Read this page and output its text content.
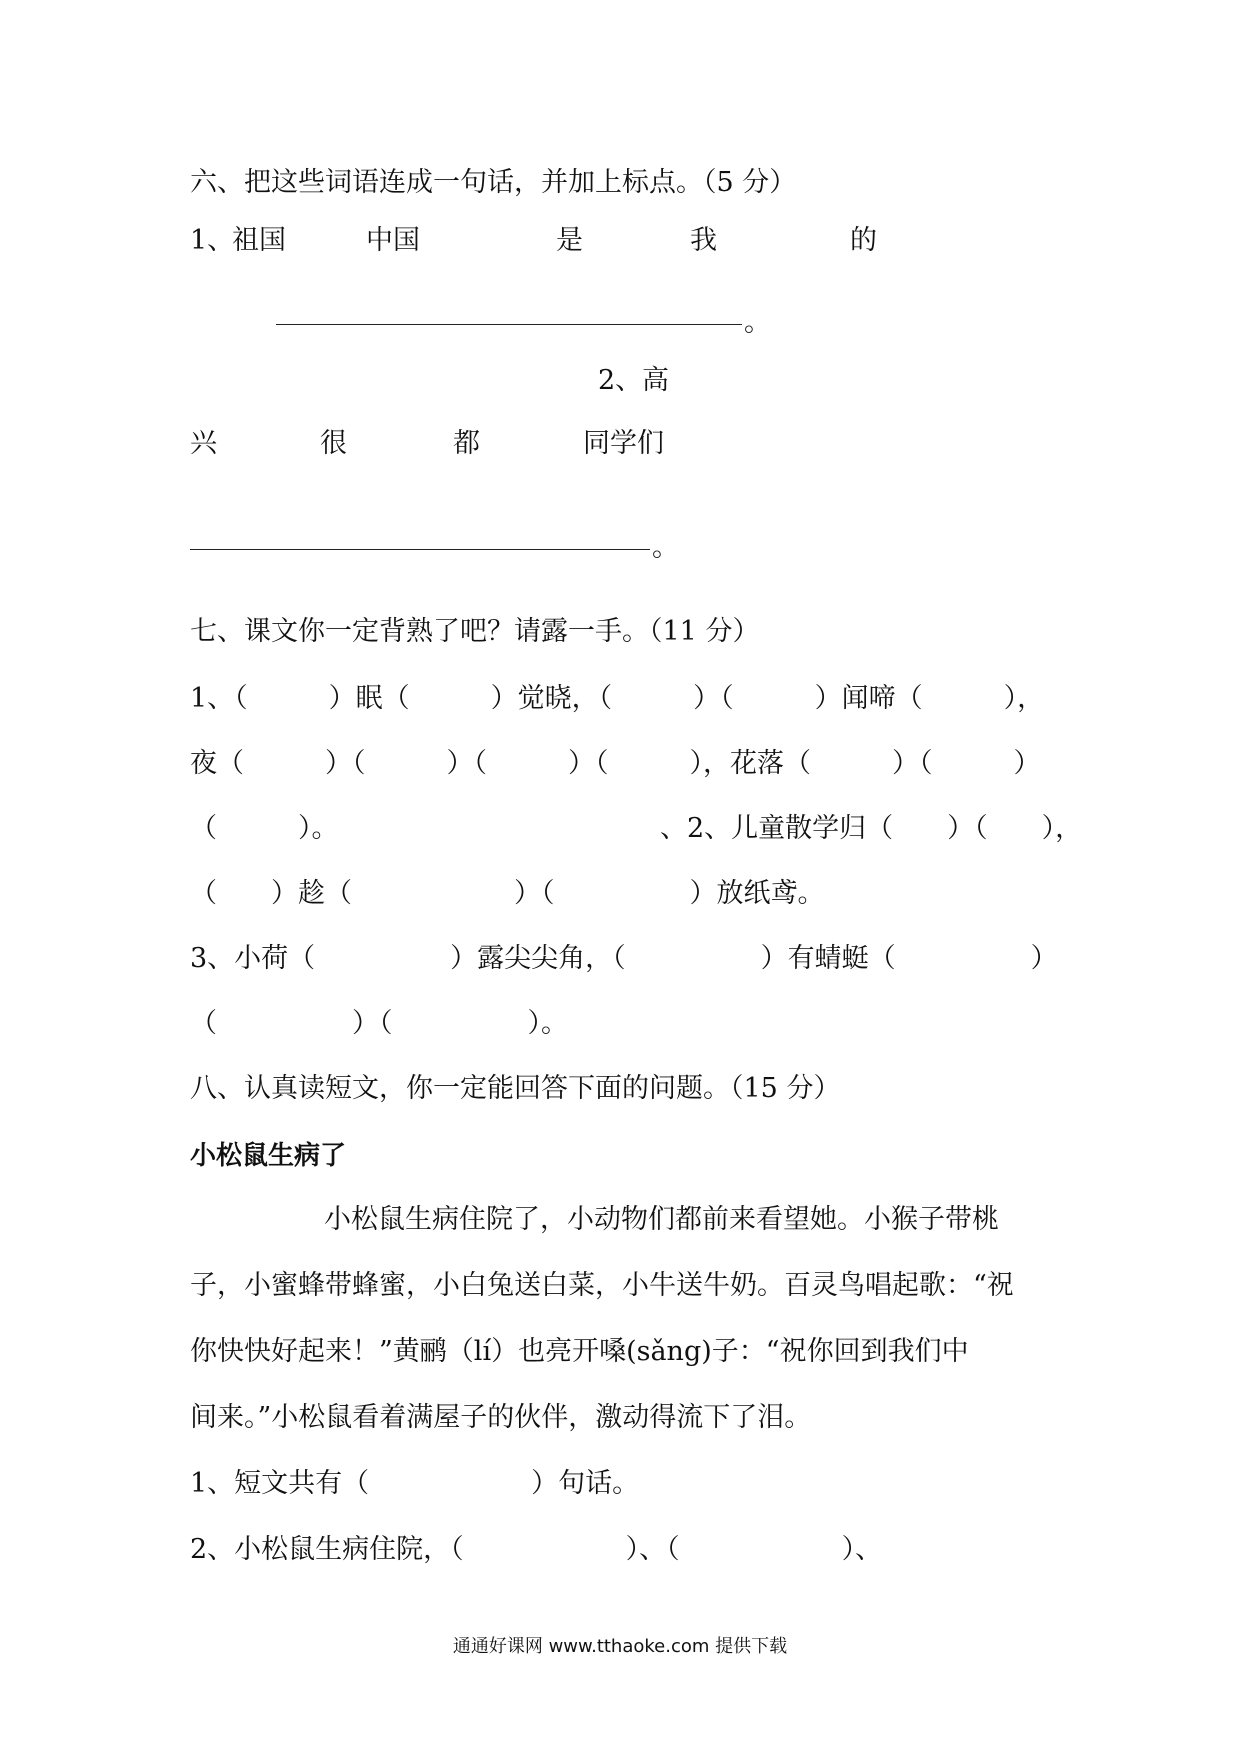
六、把这些词语连成一句话，并加上标点。（5 分）
1、
祖国	中国	是	我	的
。
2、 高
兴	很	都	同学们
。
七、课文你一定背熟了吧？请露一手。（11 分）
1、（　　　）眠（　　　）觉晓，（　　　）（　　　）闻啼（　　　），
夜（　　　）（　　　）（　　　）（　　　），花落（　　　）（　　　）
（　　　）。	、2、儿童散学归（　　）（　　），
（　　）趁（　　　　　　）（　　　　　）放纸鸢。
3、小荷（　　　　　）露尖尖角，（　　　　　）有蜻蜓（　　　　　）
（　　　　　）（　　　　　）。
八、认真读短文，你一定能回答下面的问题。（15 分）
小松鼠生病了
小松鼠生病住院了，小动物们都前来看望她。小猴子带桃
子，小蜜蜂带蜂蜜，小白兔送白菜，小牛送牛奶。百灵鸟唱起歌：“祝
你快快好起来！”黄鹂（lí）也亮开嗓(sǎng)子：“祝你回到我们中
间来。”小松鼠看着满屋子的伙伴，激动得流下了泪。
1、短文共有（　　　　　　）句话。
2、小松鼠生病住院，（　　　　　　）、（　　　　　　）、
通通好课网 www.tthaoke.com 提供下载
